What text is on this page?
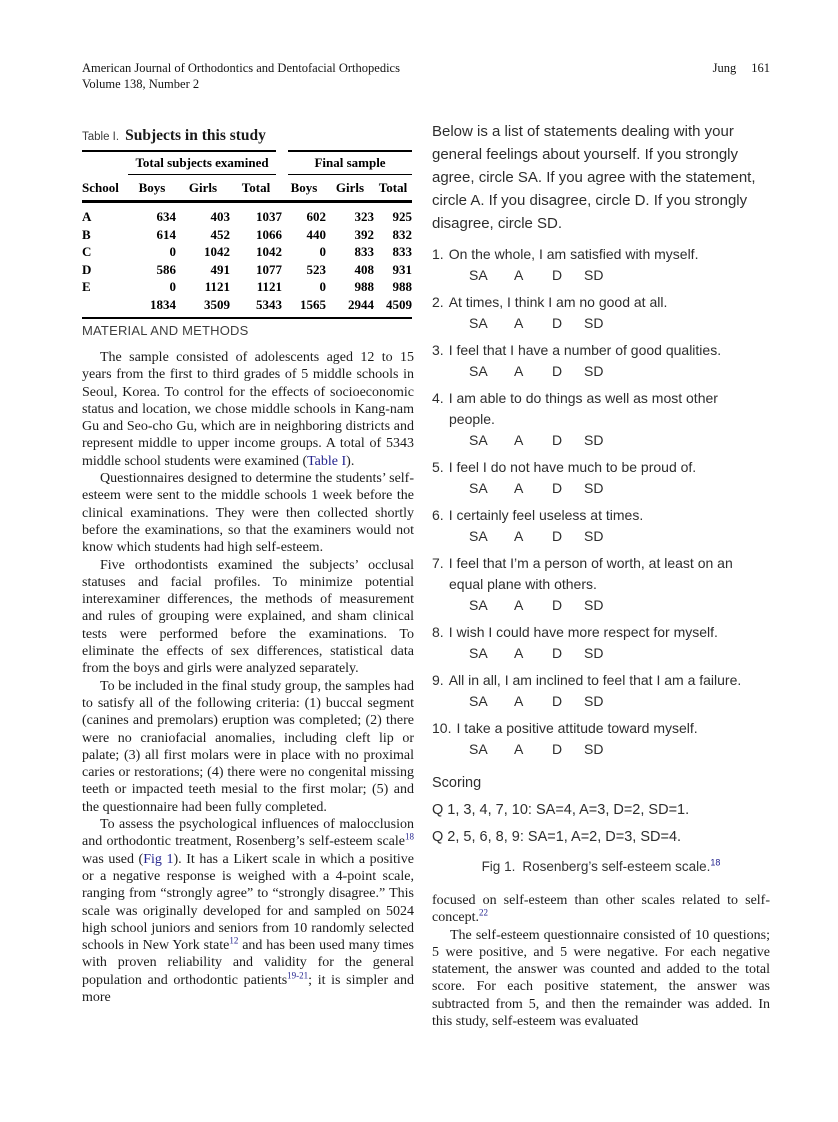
American Journal of Orthodontics and Dentofacial Orthopedics
Volume 138, Number 2
Jung 161
Table I. Subjects in this study
	Total subjects examined			Final sample		
School	Boys	Girls	Total	Boys	Girls	Total
A	634	403	1037	602	323	925
B	614	452	1066	440	392	832
C	0	1042	1042	0	833	833
D	586	491	1077	523	408	931
E	0	1121	1121	0	988	988
	1834	3509	5343	1565	2944	4509
MATERIAL AND METHODS

The sample consisted of adolescents aged 12 to 15 years from the first to third grades of 5 middle schools in Seoul, Korea. To control for the effects of socioeconomic status and location, we chose middle schools in Kang-nam Gu and Seo-cho Gu, which are in neighboring districts and represent middle to upper income groups. A total of 5343 middle school students were examined (Table I).

Questionnaires designed to determine the students’ self-esteem were sent to the middle schools 1 week before the clinical examinations. They were then collected shortly before the examinations, so that the examiners would not know which students had high self-esteem.

Five orthodontists examined the subjects’ occlusal statuses and facial profiles. To minimize potential interexaminer differences, the methods of measurement and rules of grouping were explained, and sham clinical tests were performed before the examinations. To eliminate the effects of sex differences, statistical data from the boys and girls were analyzed separately.

To be included in the final study group, the samples had to satisfy all of the following criteria: (1) buccal segment (canines and premolars) eruption was completed; (2) there were no craniofacial anomalies, including cleft lip or palate; (3) all first molars were in place with no proximal caries or restorations; (4) there were no congenital missing teeth or impacted teeth mesial to the first molar; (5) and the questionnaire had been fully completed.

To assess the psychological influences of malocclusion and orthodontic treatment, Rosenberg’s self-esteem scale$^{18}$ was used (Fig 1). It has a Likert scale in which a positive or a negative response is weighed with a 4-point scale, ranging from “strongly agree” to “strongly disagree.” This scale was originally developed for and sampled on 5024 high school juniors and seniors from 10 randomly selected schools in New York state$^{12}$ and has been used many times with proven reliability and validity for the general population and orthodontic patients$^{19-21}$; it is simpler and more

Below is a list of statements dealing with your general feelings about yourself. If you strongly agree, circle SA. If you agree with the statement, circle A. If you disagree, circle D. If you strongly disagree, circle SD.
1. On the whole, I am satisfied with myself.
SA A D SD
2. At times, I think I am no good at all.
SA A D SD
3. I feel that I have a number of good qualities.
SA A D SD
4. I am able to do things as well as most other
people.
SA A D SD
5. I feel I do not have much to be proud of.
SA A D SD
6. I certainly feel useless at times.
SA A D SD
7. I feel that I’m a person of worth, at least on an
equal plane with others.
SA A D SD
8. I wish I could have more respect for myself.
SA A D SD
9. All in all, I am inclined to feel that I am a failure.
SA A D SD
10. I take a positive attitude toward myself.
SA A D SD
Scoring
Q 1, 3, 4, 7, 10: SA=4, A=3, D=2, SD=1.
Q 2, 5, 6, 8, 9: SA=1, A=2, D=3, SD=4.
Fig 1. Rosenberg’s self-esteem scale.$^{18}$

focused on self-esteem than other scales related to self-concept.$^{22}$

The self-esteem questionnaire consisted of 10 questions; 5 were positive, and 5 were negative. For each negative statement, the answer was counted and added to the total score. For each positive statement, the answer was subtracted from 5, and then the remainder was added. In this study, self-esteem was evaluated
